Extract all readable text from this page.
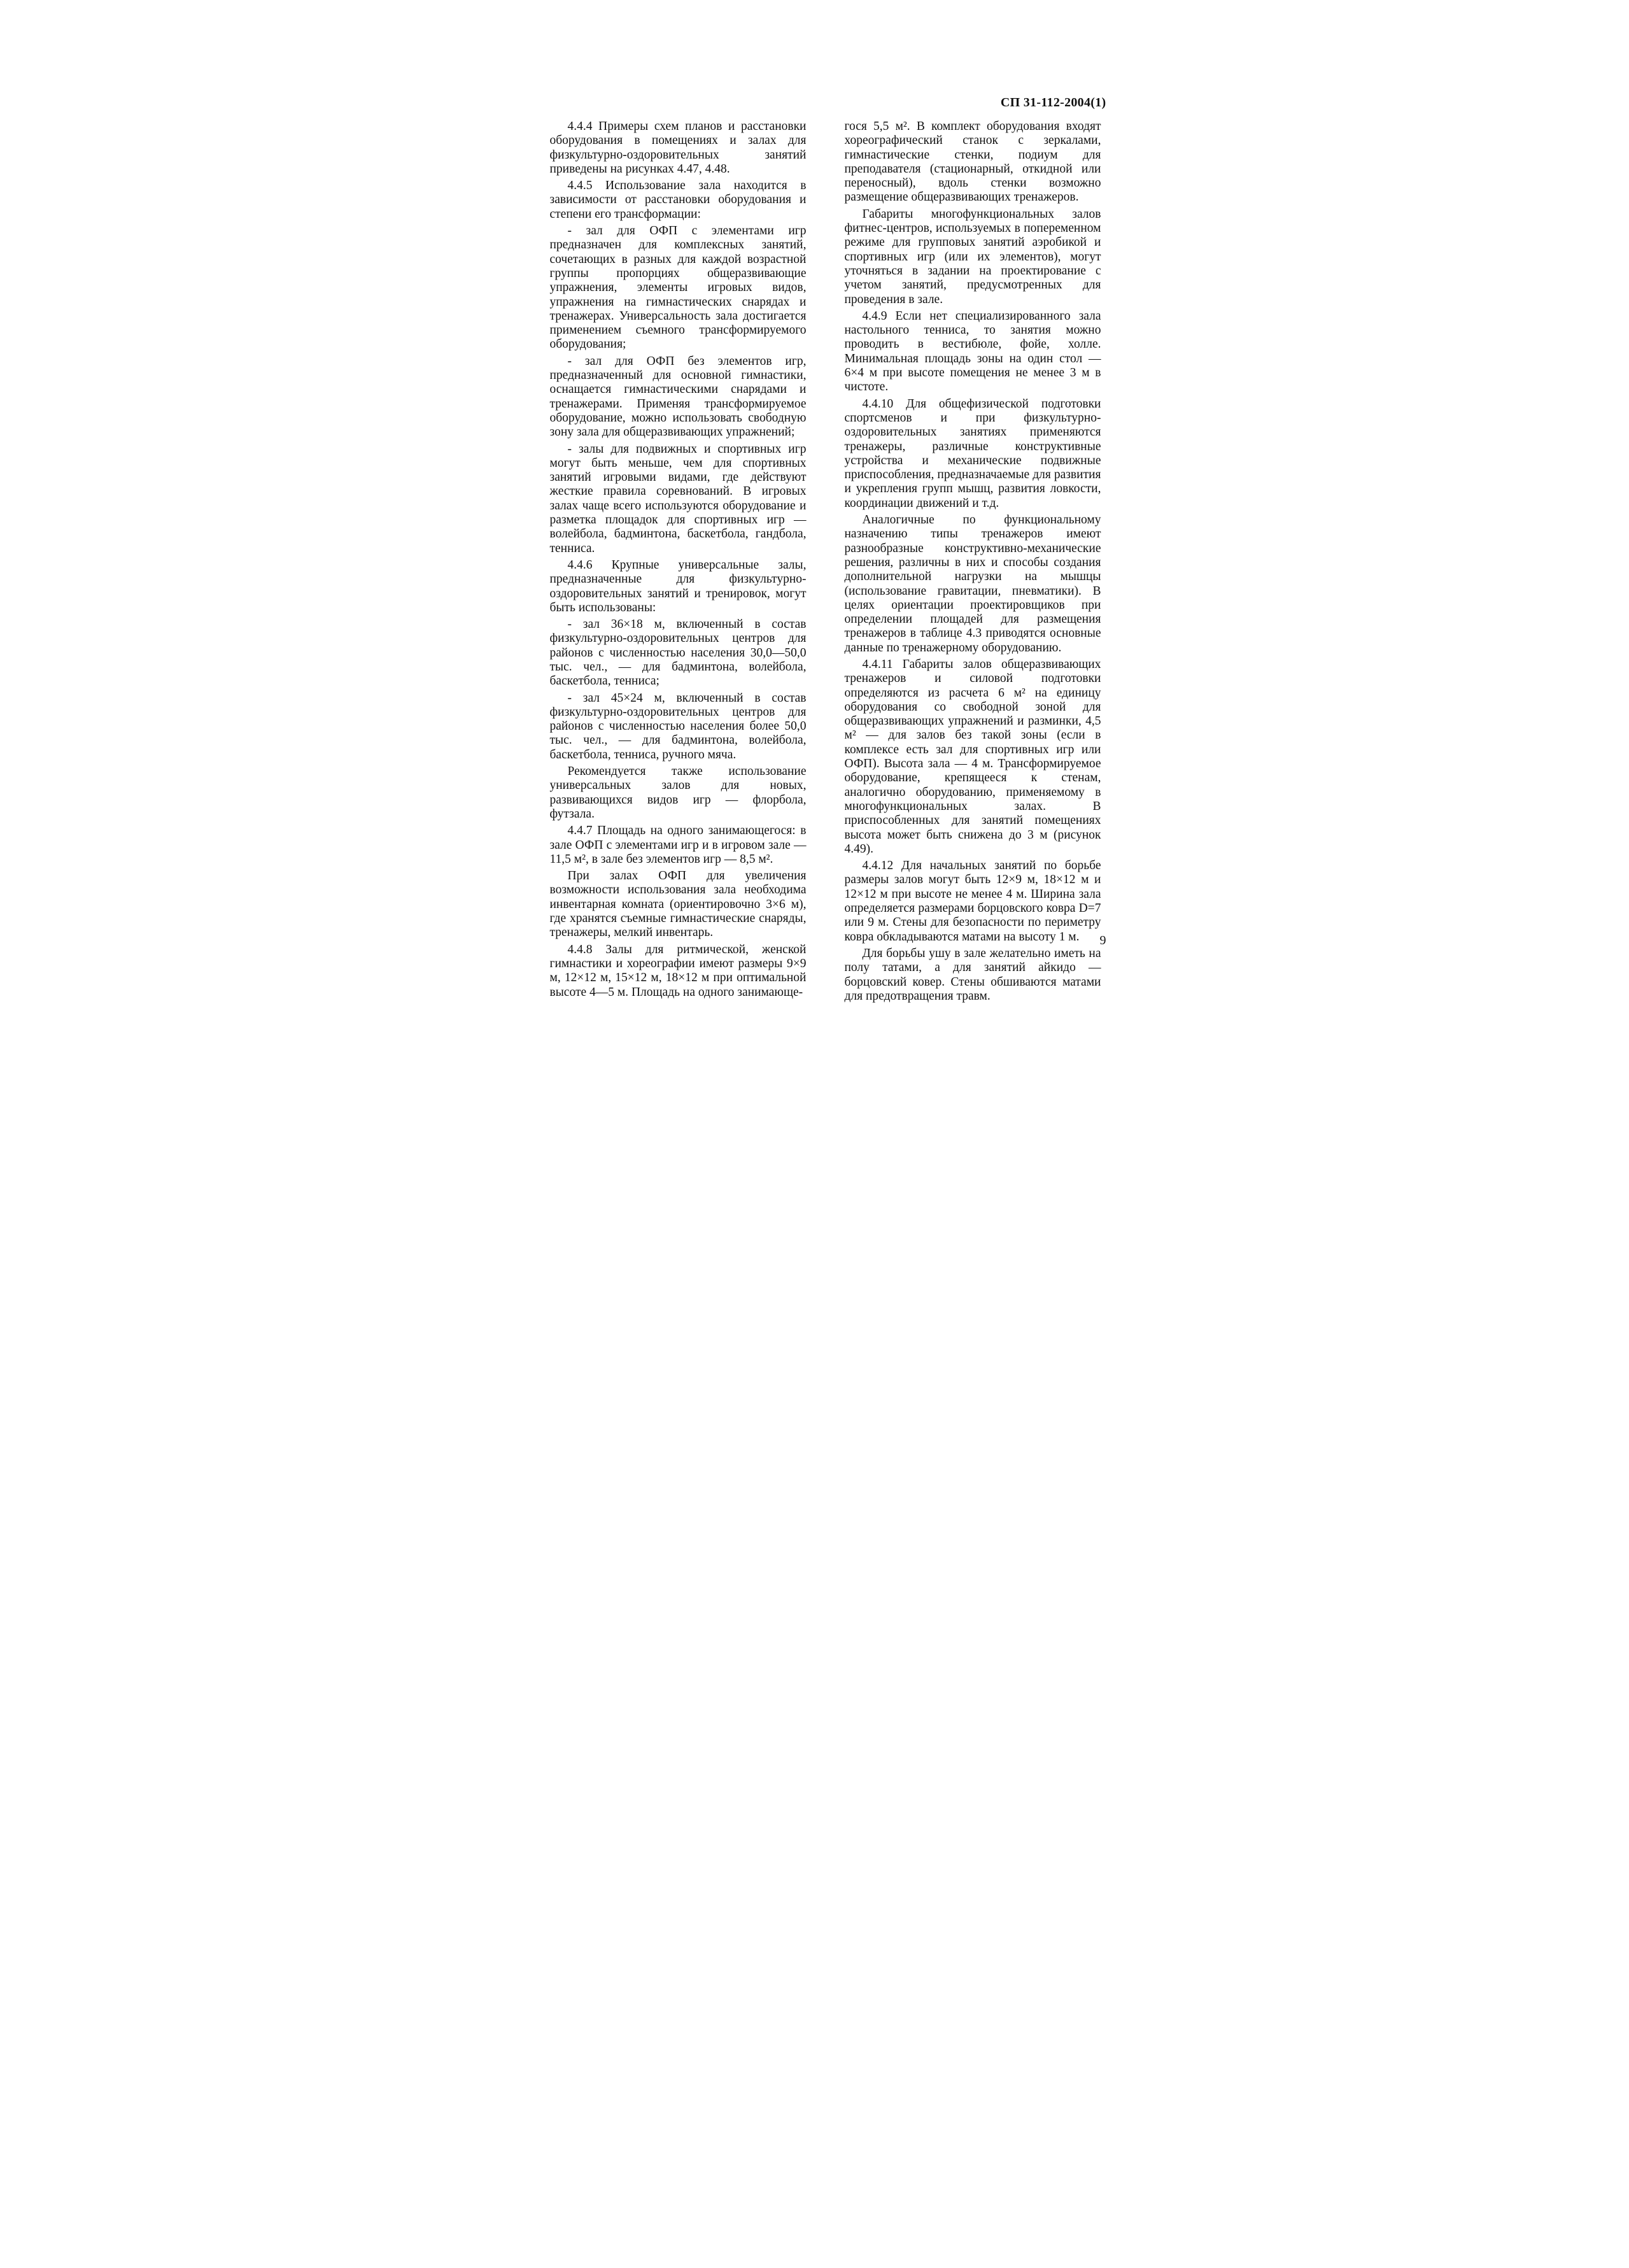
СП 31-112-2004(1)

4.4.4 Примеры схем планов и расстановки оборудования в помещениях и залах для физкультурно-оздоровительных занятий приведены на рисунках 4.47, 4.48.

4.4.5 Использование зала находится в зависимости от расстановки оборудования и степени его трансформации:

- зал для ОФП с элементами игр предназначен для комплексных занятий, сочетающих в разных для каждой возрастной группы пропорциях общеразвивающие упражнения, элементы игровых видов, упражнения на гимнастических снарядах и тренажерах. Универсальность зала достигается применением съемного трансформируемого оборудования;

- зал для ОФП без элементов игр, предназначенный для основной гимнастики, оснащается гимнастическими снарядами и тренажерами. Применяя трансформируемое оборудование, можно использовать свободную зону зала для общеразвивающих упражнений;

- залы для подвижных и спортивных игр могут быть меньше, чем для спортивных занятий игровыми видами, где действуют жесткие правила соревнований. В игровых залах чаще всего используются оборудование и разметка площадок для спортивных игр — волейбола, бадминтона, баскетбола, гандбола, тенниса.

4.4.6 Крупные универсальные залы, предназначенные для физкультурно-оздоровительных занятий и тренировок, могут быть использованы:

- зал 36×18 м, включенный в состав физкультурно-оздоровительных центров для районов с численностью населения 30,0—50,0 тыс. чел., — для бадминтона, волейбола, баскетбола, тенниса;

- зал 45×24 м, включенный в состав физкультурно-оздоровительных центров для районов с численностью населения более 50,0 тыс. чел., — для бадминтона, волейбола, баскетбола, тенниса, ручного мяча.

Рекомендуется также использование универсальных залов для новых, развивающихся видов игр — флорбола, футзала.

4.4.7 Площадь на одного занимающегося: в зале ОФП с элементами игр и в игровом зале — 11,5 м², в зале без элементов игр — 8,5 м².

При залах ОФП для увеличения возможности использования зала необходима инвентарная комната (ориентировочно 3×6 м), где хранятся съемные гимнастические снаряды, тренажеры, мелкий инвентарь.

4.4.8 Залы для ритмической, женской гимнастики и хореографии имеют размеры 9×9 м, 12×12 м, 15×12 м, 18×12 м при оптимальной высоте 4—5 м. Площадь на одного занимающе-

гося 5,5 м². В комплект оборудования входят хореографический станок с зеркалами, гимнастические стенки, подиум для преподавателя (стационарный, откидной или переносный), вдоль стенки возможно размещение общеразвивающих тренажеров.

Габариты многофункциональных залов фитнес-центров, используемых в попеременном режиме для групповых занятий аэробикой и спортивных игр (или их элементов), могут уточняться в задании на проектирование с учетом занятий, предусмотренных для проведения в зале.

4.4.9 Если нет специализированного зала настольного тенниса, то занятия можно проводить в вестибюле, фойе, холле. Минимальная площадь зоны на один стол — 6×4 м при высоте помещения не менее 3 м в чистоте.

4.4.10 Для общефизической подготовки спортсменов и при физкультурно-оздоровительных занятиях применяются тренажеры, различные конструктивные устройства и механические подвижные приспособления, предназначаемые для развития и укрепления групп мышц, развития ловкости, координации движений и т.д.

Аналогичные по функциональному назначению типы тренажеров имеют разнообразные конструктивно-механические решения, различны в них и способы создания дополнительной нагрузки на мышцы (использование гравитации, пневматики). В целях ориентации проектировщиков при определении площадей для размещения тренажеров в таблице 4.3 приводятся основные данные по тренажерному оборудованию.

4.4.11 Габариты залов общеразвивающих тренажеров и силовой подготовки определяются из расчета 6 м² на единицу оборудования со свободной зоной для общеразвивающих упражнений и разминки, 4,5 м² — для залов без такой зоны (если в комплексе есть зал для спортивных игр или ОФП). Высота зала — 4 м. Трансформируемое оборудование, крепящееся к стенам, аналогично оборудованию, применяемому в многофункциональных залах. В приспособленных для занятий помещениях высота может быть снижена до 3 м (рисунок 4.49).

4.4.12 Для начальных занятий по борьбе размеры залов могут быть 12×9 м, 18×12 м и 12×12 м при высоте не менее 4 м. Ширина зала определяется размерами борцовского ковра D=7 или 9 м. Стены для безопасности по периметру ковра обкладываются матами на высоту 1 м.

Для борьбы ушу в зале желательно иметь на полу татами, а для занятий айкидо — борцовский ковер. Стены обшиваются матами для предотвращения травм.

9
